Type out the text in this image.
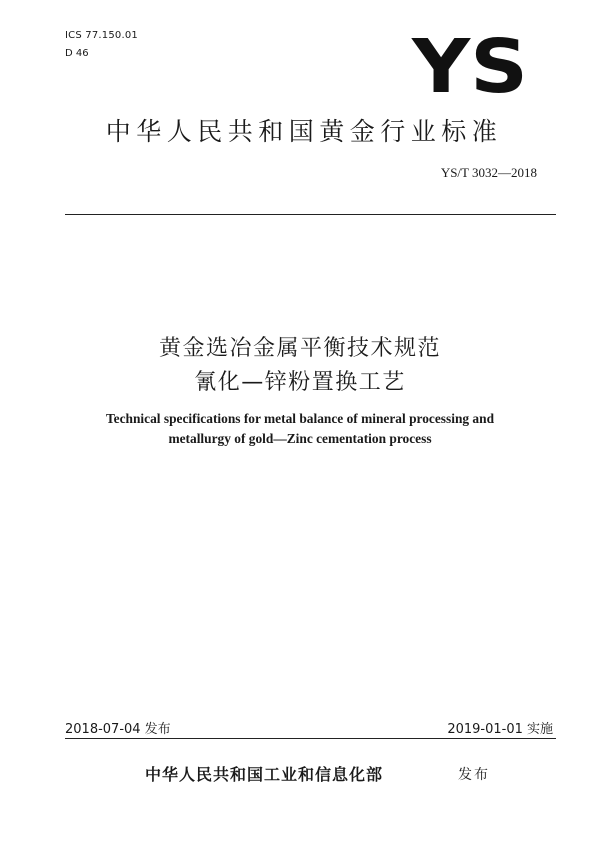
ICS 77.150.01
D 46	YS
中华人民共和国黄金行业标准
YS/T 3032—2018
黄金选冶金属平衡技术规范
氰化—锌粉置换工艺
Technical specifications for metal balance of mineral processing and
metallurgy of gold—Zinc cementation process
2018-07-04 发布	2019-01-01 实施
中华人民共和国工业和信息化部	发布
